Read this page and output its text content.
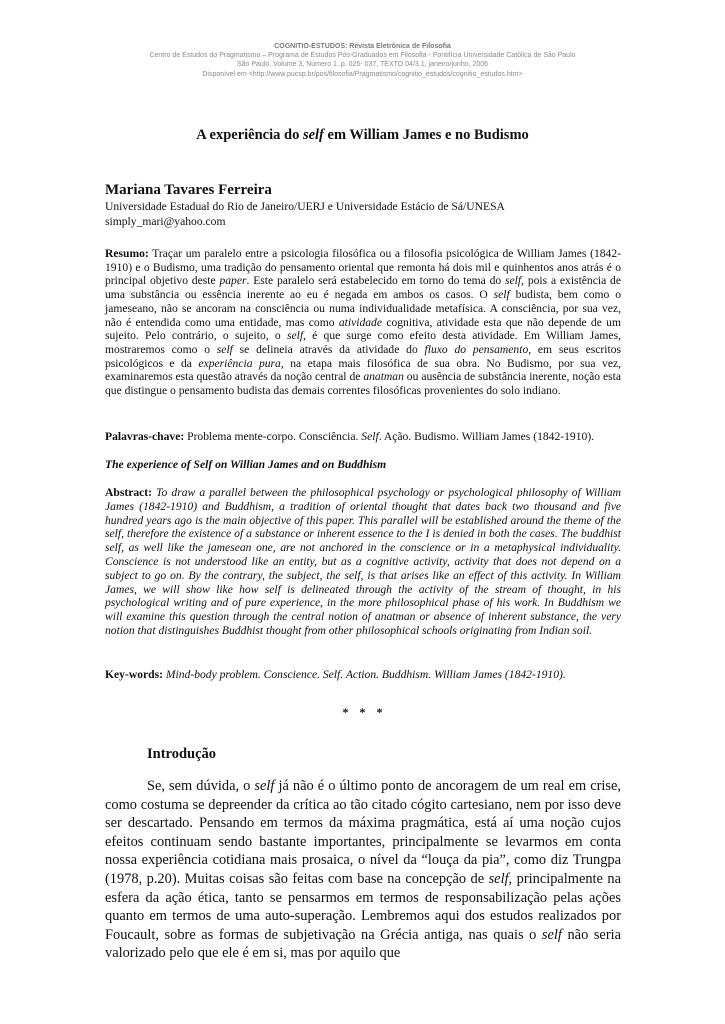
COGNITIO-ESTUDOS: Revista Eletrônica de Filosofia
Centro de Estudos do Pragmatismo – Programa de Estudos Pós-Graduados em Filosofia - Pontifícia Universidade Católica de São Paulo
São Paulo, Volume 3, Número 1, p. 025- 037, TEXTO 04/3.1, janeiro/junho, 2006
Disponível em <http://www.pucsp.br/pos/filosofia/Pragmatismo/cognitio_estudos/cognitio_estudos.htm>
A experiência do self em William James e no Budismo
Mariana Tavares Ferreira
Universidade Estadual do Rio de Janeiro/UERJ e Universidade Estácio de Sá/UNESA
simply_mari@yahoo.com
Resumo: Traçar um paralelo entre a psicologia filosófica ou a filosofia psicológica de William James (1842-1910) e o Budismo, uma tradição do pensamento oriental que remonta há dois mil e quinhentos anos atrás é o principal objetivo deste paper. Este paralelo será estabelecido em torno do tema do self, pois a existência de uma substância ou essência inerente ao eu é negada em ambos os casos. O self budista, bem como o jameseano, não se ancoram na consciência ou numa individualidade metafísica. A consciência, por sua vez, não é entendida como uma entidade, mas como atividade cognitiva, atividade esta que não depende de um sujeito. Pelo contrário, o sujeito, o self, é que surge como efeito desta atividade. Em William James, mostraremos como o self se delineia através da atividade do fluxo do pensamento, em seus escritos psicológicos e da experiência pura, na etapa mais filosófica de sua obra. No Budismo, por sua vez, examinaremos esta questão através da noção central de anatman ou ausência de substância inerente, noção esta que distingue o pensamento budista das demais correntes filosóficas provenientes do solo indiano.
Palavras-chave: Problema mente-corpo. Consciência. Self. Ação. Budismo. William James (1842-1910).
The experience of Self on Willian James and on Buddhism
Abstract: To draw a parallel between the philosophical psychology or psychological philosophy of William James (1842-1910) and Buddhism, a tradition of oriental thought that dates back two thousand and five hundred years ago is the main objective of this paper. This parallel will be established around the theme of the self, therefore the existence of a substance or inherent essence to the I is denied in both the cases. The buddhist self, as well like the jamesean one, are not anchored in the conscience or in a metaphysical individuality. Conscience is not understood like an entity, but as a cognitive activity, activity that does not depend on a subject to go on. By the contrary, the subject, the self, is that arises like an effect of this activity. In William James, we will show like how self is delineated through the activity of the stream of thought, in his psychological writing and of pure experience, in the more philosophical phase of his work. In Buddhism we will examine this question through the central notion of anatman or absence of inherent substance, the very notion that distinguishes Buddhist thought from other philosophical schools originating from Indian soil.
Key-words: Mind-body problem. Conscience. Self. Action. Buddhism. William James (1842-1910).
* * *
Introdução
Se, sem dúvida, o self já não é o último ponto de ancoragem de um real em crise, como costuma se depreender da crítica ao tão citado cógito cartesiano, nem por isso deve ser descartado. Pensando em termos da máxima pragmática, está aí uma noção cujos efeitos continuam sendo bastante importantes, principalmente se levarmos em conta nossa experiência cotidiana mais prosaica, o nível da “louça da pia”, como diz Trungpa (1978, p.20). Muitas coisas são feitas com base na concepção de self, principalmente na esfera da ação ética, tanto se pensarmos em termos de responsabilização pelas ações quanto em termos de uma auto-superação. Lembremos aqui dos estudos realizados por Foucault, sobre as formas de subjetivação na Grécia antiga, nas quais o self não seria valorizado pelo que ele é em si, mas por aquilo que
